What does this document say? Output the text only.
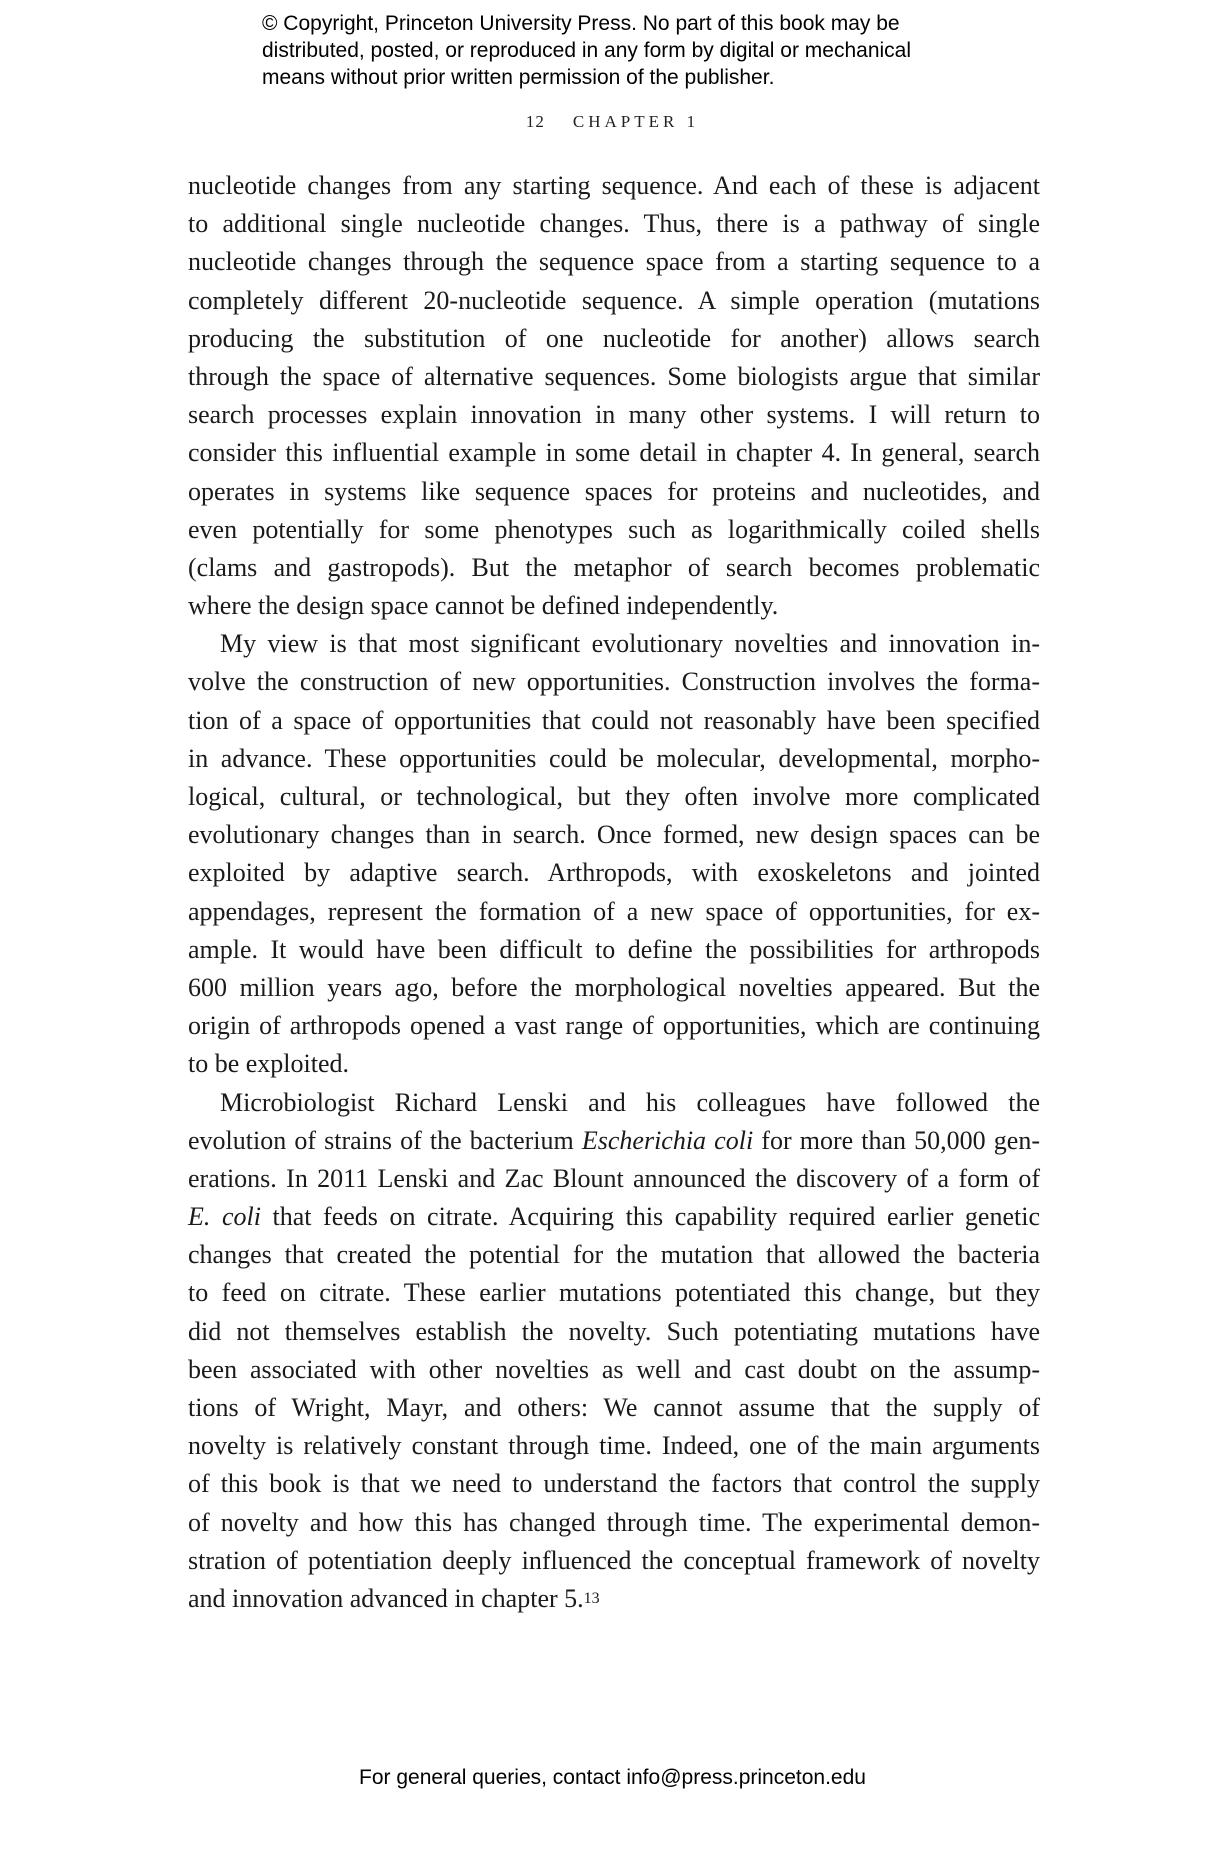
© Copyright, Princeton University Press. No part of this book may be
distributed, posted, or reproduced in any form by digital or mechanical
means without prior written permission of the publisher.
12 CHAPTER 1
nucleotide changes from any starting sequence. And each of these is adjacent
to additional single nucleotide changes. Thus, there is a pathway of single
nucleotide changes through the sequence space from a starting sequence to a
completely different 20-nucleotide sequence. A simple operation (mutations
producing the substitution of one nucleotide for another) allows search
through the space of alternative sequences. Some biologists argue that similar
search processes explain innovation in many other systems. I will return to
consider this influential example in some detail in chapter 4. In general, search
operates in systems like sequence spaces for proteins and nucleotides, and
even potentially for some phenotypes such as logarithmically coiled shells
(clams and gastropods). But the metaphor of search becomes problematic
where the design space cannot be defined independently.
My view is that most significant evolutionary novelties and innovation in-
volve the construction of new opportunities. Construction involves the forma-
tion of a space of opportunities that could not reasonably have been specified
in advance. These opportunities could be molecular, developmental, morpho-
logical, cultural, or technological, but they often involve more complicated
evolutionary changes than in search. Once formed, new design spaces can be
exploited by adaptive search. Arthropods, with exoskeletons and jointed
appendages, represent the formation of a new space of opportunities, for ex-
ample. It would have been difficult to define the possibilities for arthropods
600 million years ago, before the morphological novelties appeared. But the
origin of arthropods opened a vast range of opportunities, which are continuing
to be exploited.
Microbiologist Richard Lenski and his colleagues have followed the
evolution of strains of the bacterium Escherichia coli for more than 50,000 gen-
erations. In 2011 Lenski and Zac Blount announced the discovery of a form of
E. coli that feeds on citrate. Acquiring this capability required earlier genetic
changes that created the potential for the mutation that allowed the bacteria
to feed on citrate. These earlier mutations potentiated this change, but they
did not themselves establish the novelty. Such potentiating mutations have
been associated with other novelties as well and cast doubt on the assump-
tions of Wright, Mayr, and others: We cannot assume that the supply of
novelty is relatively constant through time. Indeed, one of the main arguments
of this book is that we need to understand the factors that control the supply
of novelty and how this has changed through time. The experimental demon-
stration of potentiation deeply influenced the conceptual framework of novelty
and innovation advanced in chapter 5.13
For general queries, contact info@press.princeton.edu
